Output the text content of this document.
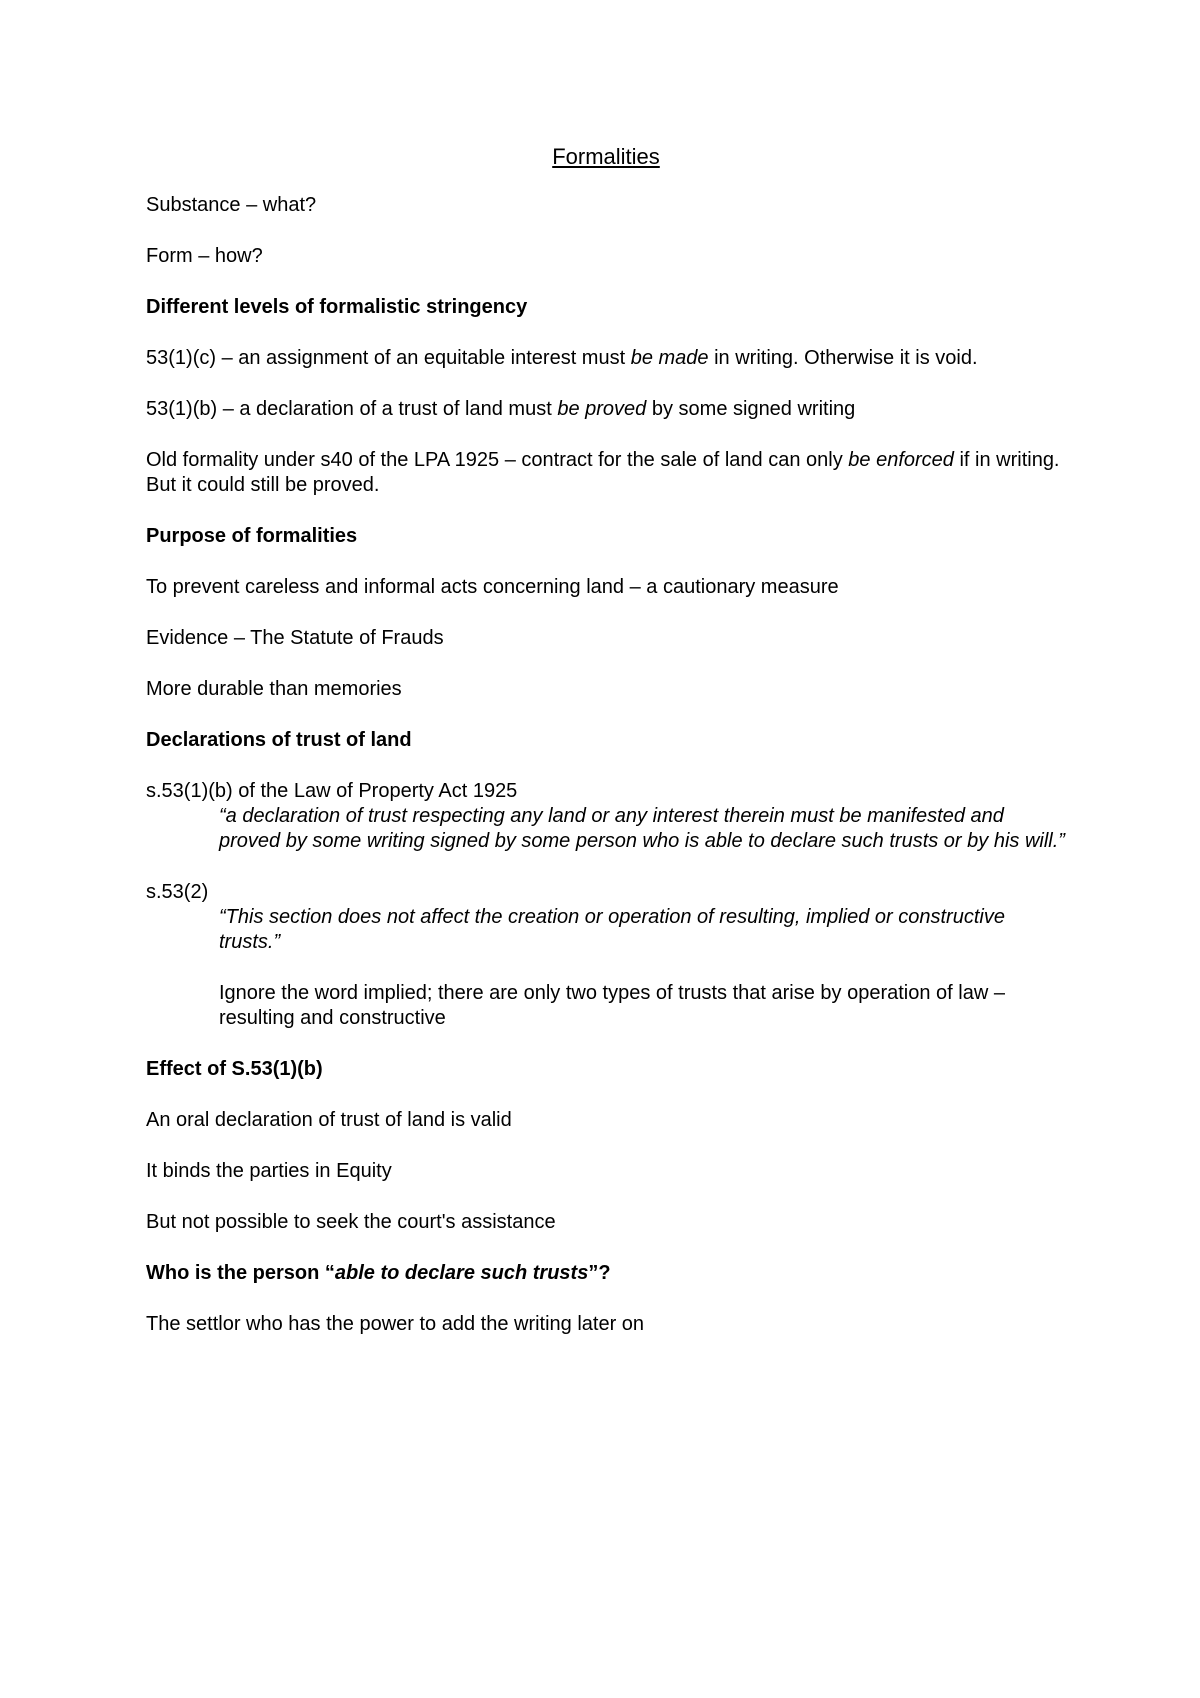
Formalities
Substance – what?
Form – how?
Different levels of formalistic stringency
53(1)(c) – an assignment of an equitable interest must be made in writing. Otherwise it is void.
53(1)(b) – a declaration of a trust of land must be proved by some signed writing
Old formality under s40 of the LPA 1925 – contract for the sale of land can only be enforced if in writing. But it could still be proved.
Purpose of formalities
To prevent careless and informal acts concerning land – a cautionary measure
Evidence – The Statute of Frauds
More durable than memories
Declarations of trust of land
s.53(1)(b) of the Law of Property Act 1925
“a declaration of trust respecting any land or any interest therein must be manifested and proved by some writing signed by some person who is able to declare such trusts or by his will.”
s.53(2)
“This section does not affect the creation or operation of resulting, implied or constructive trusts.”
Ignore the word implied; there are only two types of trusts that arise by operation of law – resulting and constructive
Effect of S.53(1)(b)
An oral declaration of trust of land is valid
It binds the parties in Equity
But not possible to seek the court's assistance
Who is the person “able to declare such trusts”?
The settlor who has the power to add the writing later on
